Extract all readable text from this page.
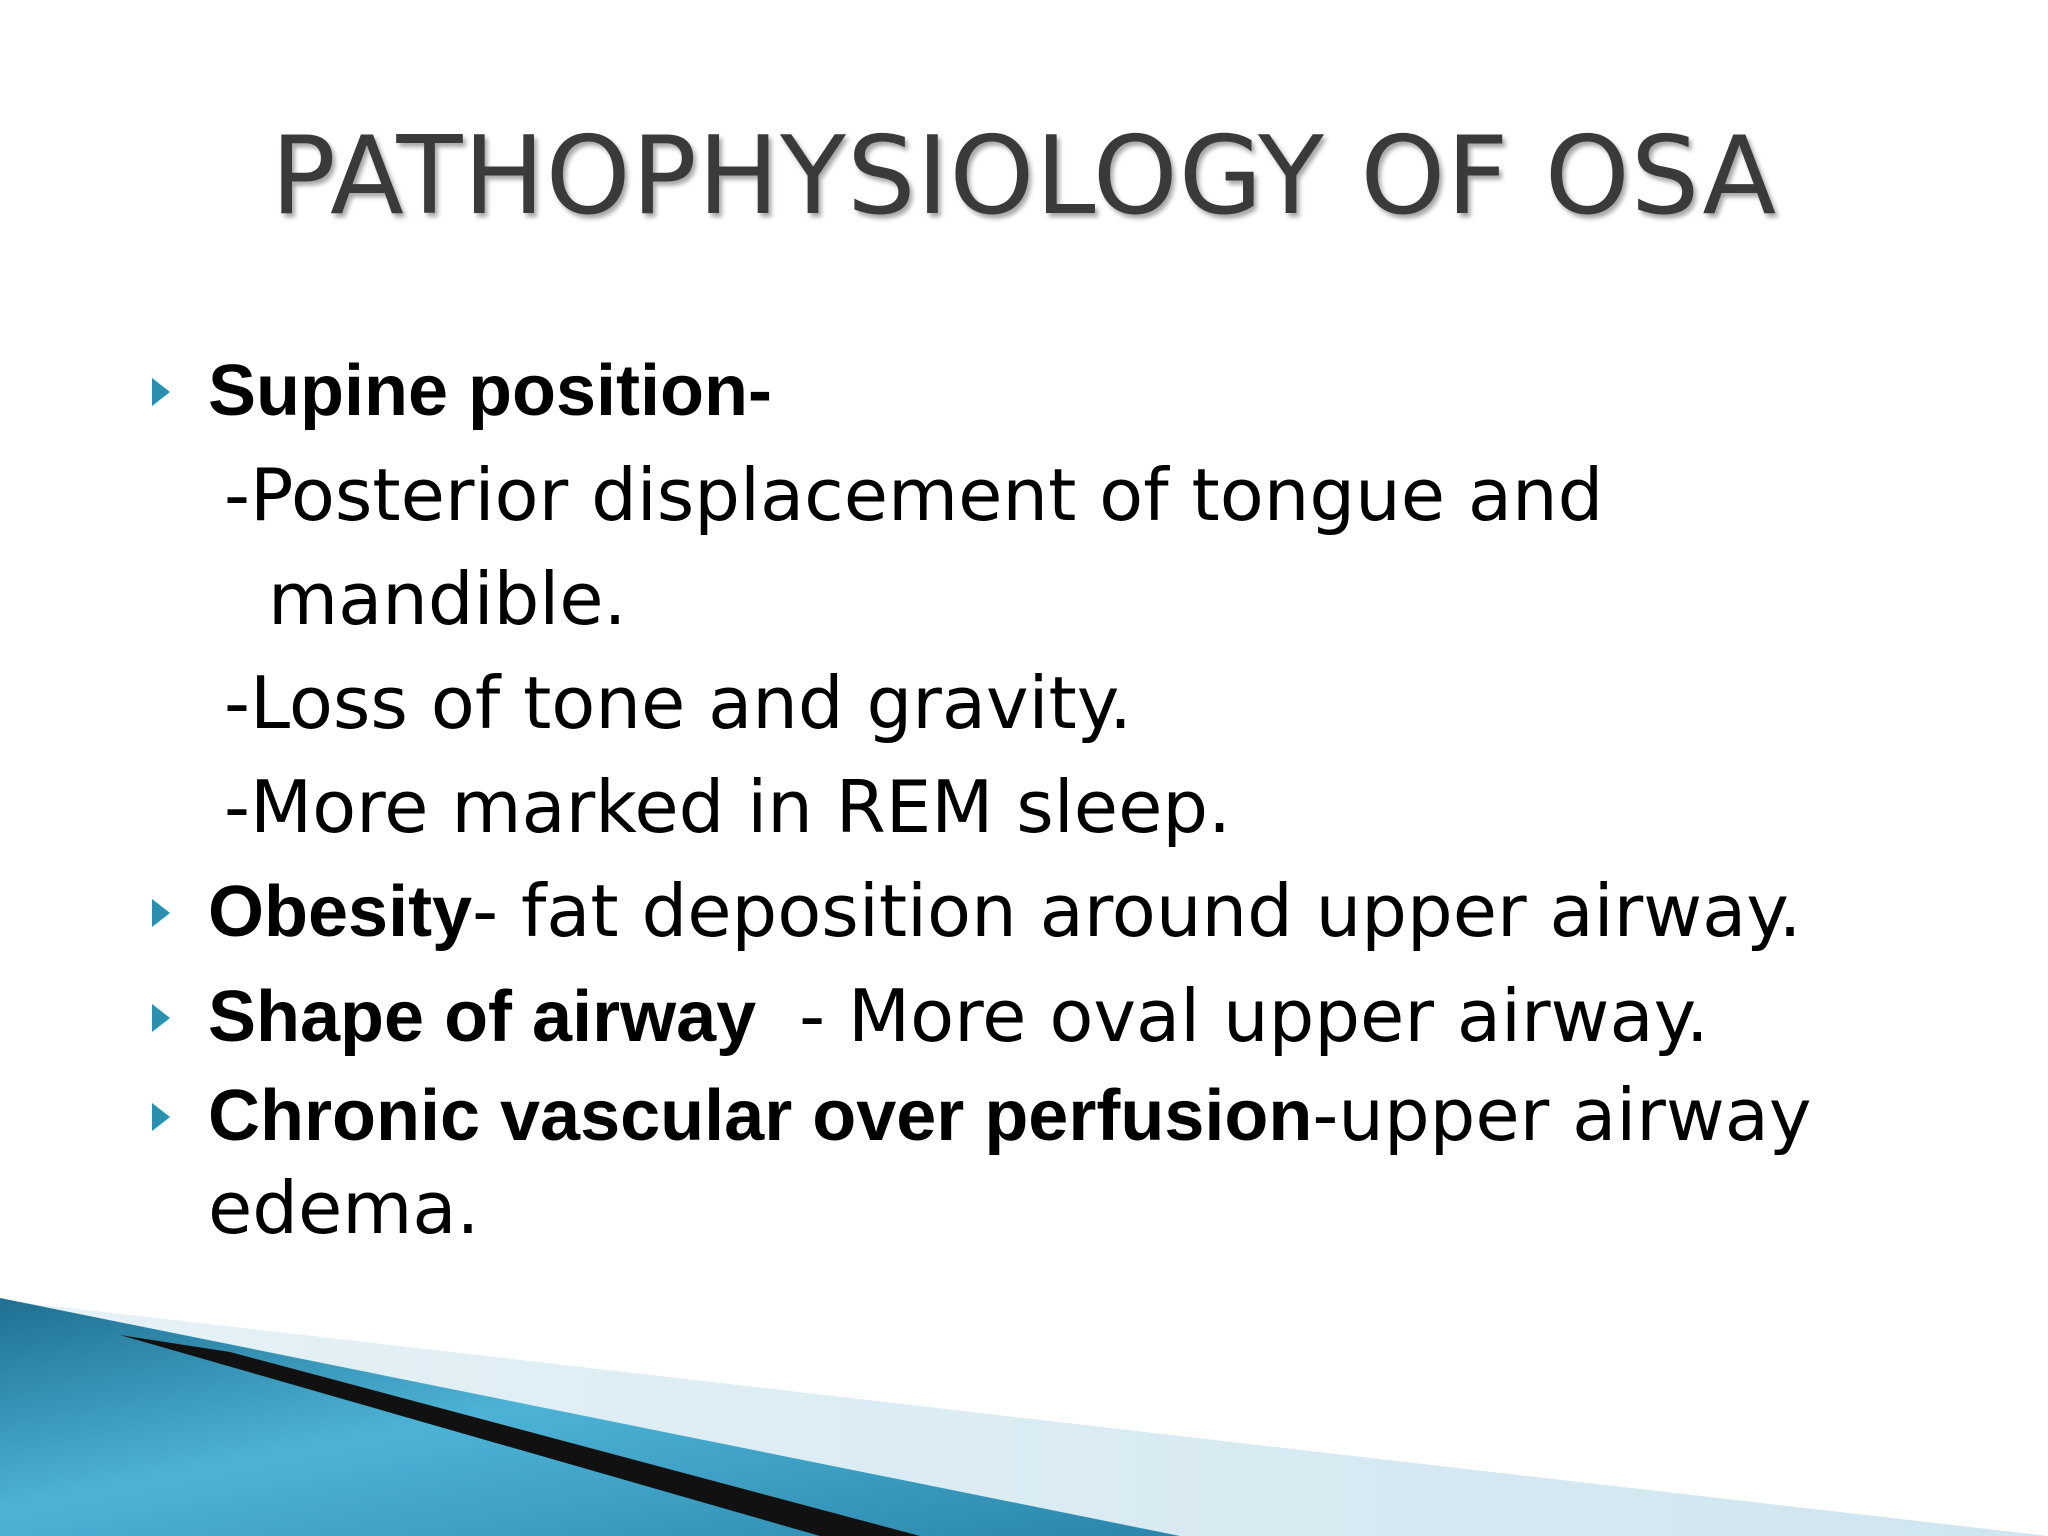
PATHOPHYSIOLOGY OF OSA
Supine position-
-Posterior displacement of tongue and
mandible.
-Loss of tone and gravity.
-More marked in REM sleep.
Obesity- fat deposition around upper airway.
Shape of airway  - More oval upper airway.
Chronic vascular over perfusion-upper airway edema.
